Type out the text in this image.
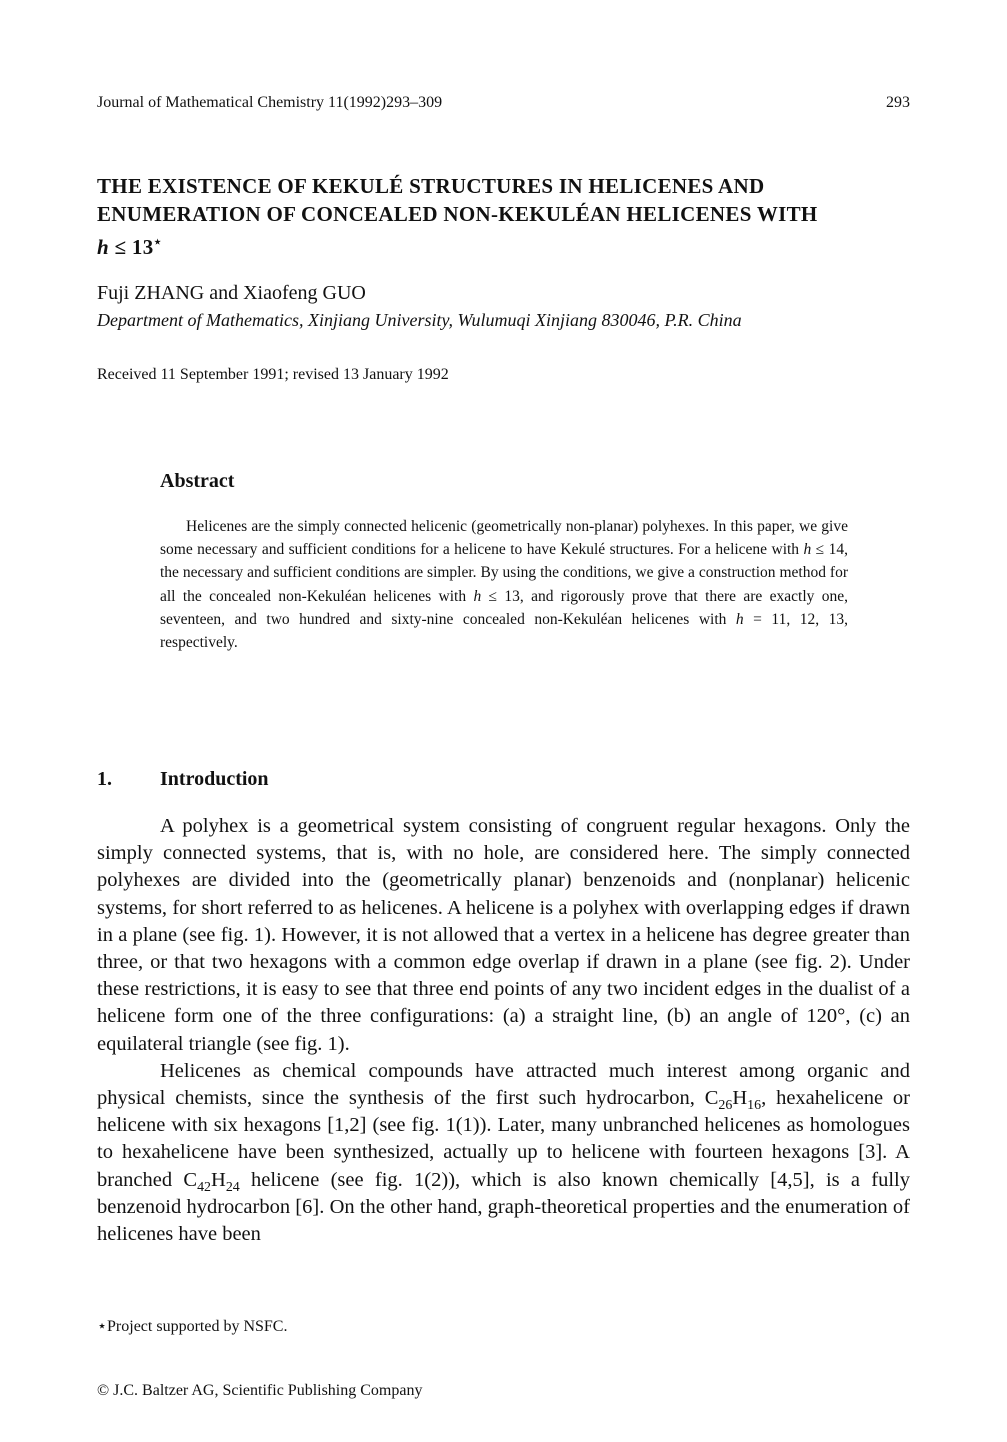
Journal of Mathematical Chemistry 11(1992)293–309	293
THE EXISTENCE OF KEKULÉ STRUCTURES IN HELICENES AND
ENUMERATION OF CONCEALED NON-KEKULÉAN HELICENES WITH
h ≤ 13⋆
Fuji ZHANG and Xiaofeng GUO
Department of Mathematics, Xinjiang University, Wulumuqi Xinjiang 830046, P.R. China
Received 11 September 1991; revised 13 January 1992
Abstract
Helicenes are the simply connected helicenic (geometrically non-planar) polyhexes. In this paper, we give some necessary and sufficient conditions for a helicene to have Kekulé structures. For a helicene with h ≤ 14, the necessary and sufficient conditions are simpler. By using the conditions, we give a construction method for all the concealed non-Kekuléan helicenes with h ≤ 13, and rigorously prove that there are exactly one, seventeen, and two hundred and sixty-nine concealed non-Kekuléan helicenes with h = 11, 12, 13, respectively.
1. Introduction

A polyhex is a geometrical system consisting of congruent regular hexagons. Only the simply connected systems, that is, with no hole, are considered here. The simply connected polyhexes are divided into the (geometrically planar) benzenoids and (nonplanar) helicenic systems, for short referred to as helicenes. A helicene is a polyhex with overlapping edges if drawn in a plane (see fig. 1). However, it is not allowed that a vertex in a helicene has degree greater than three, or that two hexagons with a common edge overlap if drawn in a plane (see fig. 2). Under these restrictions, it is easy to see that three end points of any two incident edges in the dualist of a helicene form one of the three configurations: (a) a straight line, (b) an angle of 120°, (c) an equilateral triangle (see fig. 1).

Helicenes as chemical compounds have attracted much interest among organic and physical chemists, since the synthesis of the first such hydrocarbon, $C_{26}H_{16}$, hexahelicene or helicene with six hexagons [1,2] (see fig. 1(1)). Later, many unbranched helicenes as homologues to hexahelicene have been synthesized, actually up to helicene with fourteen hexagons [3]. A branched $C_{42}H_{24}$ helicene (see fig. 1(2)), which is also known chemically [4,5], is a fully benzenoid hydrocarbon [6]. On the other hand, graph-theoretical properties and the enumeration of helicenes have been

⋆Project supported by NSFC.
© J.C. Baltzer AG, Scientific Publishing Company
